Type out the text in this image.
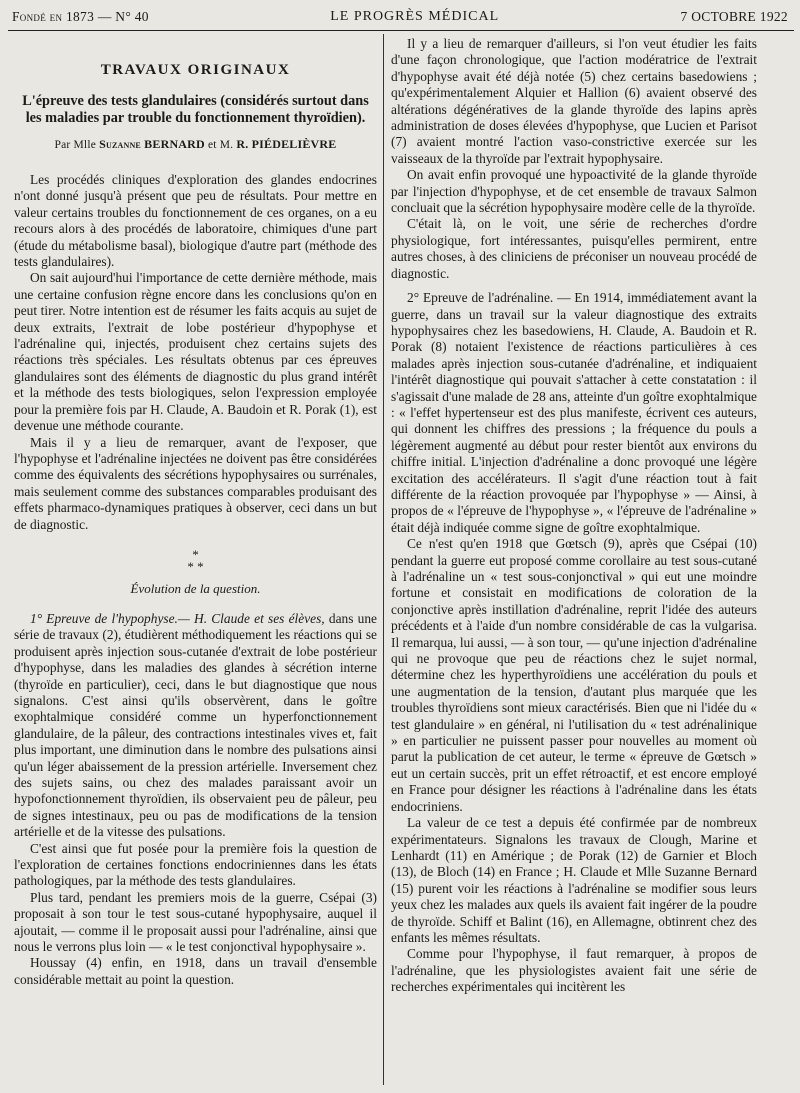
Fondé en 1873 — N° 40	LE PROGRÈS MÉDICAL	7 OCTOBRE 1922
TRAVAUX ORIGINAUX
L'épreuve des tests glandulaires (considérés surtout dans les maladies par trouble du fonctionnement thyroïdien).
Par Mlle Suzanne BERNARD et M. R. PIÉDELIÈVRE

Les procédés cliniques d'exploration des glandes endocrines n'ont donné jusqu'à présent que peu de résultats. Pour mettre en valeur certains troubles du fonctionnement de ces organes, on a eu recours alors à des procédés de laboratoire, chimiques d'une part (étude du métabolisme basal), biologique d'autre part (méthode des tests glandulaires).

On sait aujourd'hui l'importance de cette dernière méthode, mais une certaine confusion règne encore dans les conclusions qu'on en peut tirer. Notre intention est de résumer les faits acquis au sujet de deux extraits, l'extrait de lobe postérieur d'hypophyse et l'adrénaline qui, injectés, produisent chez certains sujets des réactions très spéciales. Les résultats obtenus par ces épreuves glandulaires sont des éléments de diagnostic du plus grand intérêt et la méthode des tests biologiques, selon l'expression employée pour la première fois par H. Claude, A. Baudoin et R. Porak (1), est devenue une méthode courante.

Mais il y a lieu de remarquer, avant de l'exposer, que l'hypophyse et l'adrénaline injectées ne doivent pas être considérées comme des équivalents des sécrétions hypophysaires ou surrénales, mais seulement comme des substances comparables produisant des effets pharmaco-dynamiques pratiques à observer, ceci dans un but de diagnostic.

*
* *
Évolution de la question.

1° Epreuve de l'hypophyse.— H. Claude et ses élèves, dans une série de travaux (2), étudièrent méthodiquement les réactions qui se produisent après injection sous-cutanée d'extrait de lobe postérieur d'hypophyse, dans les maladies des glandes à sécrétion interne (thyroïde en particulier), ceci, dans le but diagnostique que nous signalons. C'est ainsi qu'ils observèrent, dans le goître exophtalmique considéré comme un hyperfonctionnement glandulaire, de la pâleur, des contractions intestinales vives et, fait plus important, une diminution dans le nombre des pulsations ainsi qu'un léger abaissement de la pression artérielle. Inversement chez des sujets sains, ou chez des malades paraissant avoir un hypofonctionnement thyroïdien, ils observaient peu de pâleur, peu de signes intestinaux, peu ou pas de modifications de la tension artérielle et de la vitesse des pulsations.

C'est ainsi que fut posée pour la première fois la question de l'exploration de certaines fonctions endocriniennes dans les états pathologiques, par la méthode des tests glandulaires.

Plus tard, pendant les premiers mois de la guerre, Csépai (3) proposait à son tour le test sous-cutané hypophysaire, auquel il ajoutait, — comme il le proposait aussi pour l'adrénaline, ainsi que nous le verrons plus loin — « le test conjonctival hypophysaire ».

Houssay (4) enfin, en 1918, dans un travail d'ensemble considérable mettait au point la question.

Il y a lieu de remarquer d'ailleurs, si l'on veut étudier les faits d'une façon chronologique, que l'action modératrice de l'extrait d'hypophyse avait été déjà notée (5) chez certains basedowiens ; qu'expérimentalement Alquier et Hallion (6) avaient observé des altérations dégénératives de la glande thyroïde des lapins après administration de doses élevées d'hypophyse, que Lucien et Parisot (7) avaient montré l'action vaso-constrictive exercée sur les vaisseaux de la thyroïde par l'extrait hypophysaire.

On avait enfin provoqué une hypoactivité de la glande thyroïde par l'injection d'hypophyse, et de cet ensemble de travaux Salmon concluait que la sécrétion hypophysaire modère celle de la thyroïde.

C'était là, on le voit, une série de recherches d'ordre physiologique, fort intéressantes, puisqu'elles permirent, entre autres choses, à des cliniciens de préconiser un nouveau procédé de diagnostic.

2° Epreuve de l'adrénaline. — En 1914, immédiatement avant la guerre, dans un travail sur la valeur diagnostique des extraits hypophysaires chez les basedowiens, H. Claude, A. Baudoin et R. Porak (8) notaient l'existence de réactions particulières à ces malades après injection sous-cutanée d'adrénaline, et indiquaient l'intérêt diagnostique qui pouvait s'attacher à cette constatation : il s'agissait d'une malade de 28 ans, atteinte d'un goître exophtalmique : « l'effet hypertenseur est des plus manifeste, écrivent ces auteurs, qui donnent les chiffres des pressions ; la fréquence du pouls a légèrement augmenté au début pour rester bientôt aux environs du chiffre initial. L'injection d'adrénaline a donc provoqué une légère excitation des accélérateurs. Il s'agit d'une réaction tout à fait différente de la réaction provoquée par l'hypophyse » — Ainsi, à propos de « l'épreuve de l'hypophyse », « l'épreuve de l'adrénaline » était déjà indiquée comme signe de goître exophtalmique.

Ce n'est qu'en 1918 que Gœtsch (9), après que Csépai (10) pendant la guerre eut proposé comme corollaire au test sous-cutané à l'adrénaline un « test sous-conjonctival » qui eut une moindre fortune et consistait en modifications de coloration de la conjonctive après instillation d'adrénaline, reprit l'idée des auteurs précédents et à l'aide d'un nombre considérable de cas la vulgarisa. Il remarqua, lui aussi, — à son tour, — qu'une injection d'adrénaline qui ne provoque que peu de réactions chez le sujet normal, détermine chez les hyperthyroïdiens une accélération du pouls et une augmentation de la tension, d'autant plus marquée que les troubles thyroïdiens sont mieux caractérisés. Bien que ni l'idée du « test glandulaire » en général, ni l'utilisation du « test adrénalinique » en particulier ne puissent passer pour nouvelles au moment où parut la publication de cet auteur, le terme « épreuve de Gœtsch » eut un certain succès, prit un effet rétroactif, et est encore employé en France pour désigner les réactions à l'adrénaline dans les états endocriniens.

La valeur de ce test a depuis été confirmée par de nombreux expérimentateurs. Signalons les travaux de Clough, Marine et Lenhardt (11) en Amérique ; de Porak (12) de Garnier et Bloch (13), de Bloch (14) en France ; H. Claude et Mlle Suzanne Bernard (15) purent voir les réactions à l'adrénaline se modifier sous leurs yeux chez les malades aux quels ils avaient fait ingérer de la poudre de thyroïde. Schiff et Balint (16), en Allemagne, obtinrent chez des enfants les mêmes résultats.

Comme pour l'hypophyse, il faut remarquer, à propos de l'adrénaline, que les physiologistes avaient fait une série de recherches expérimentales qui incitèrent les
